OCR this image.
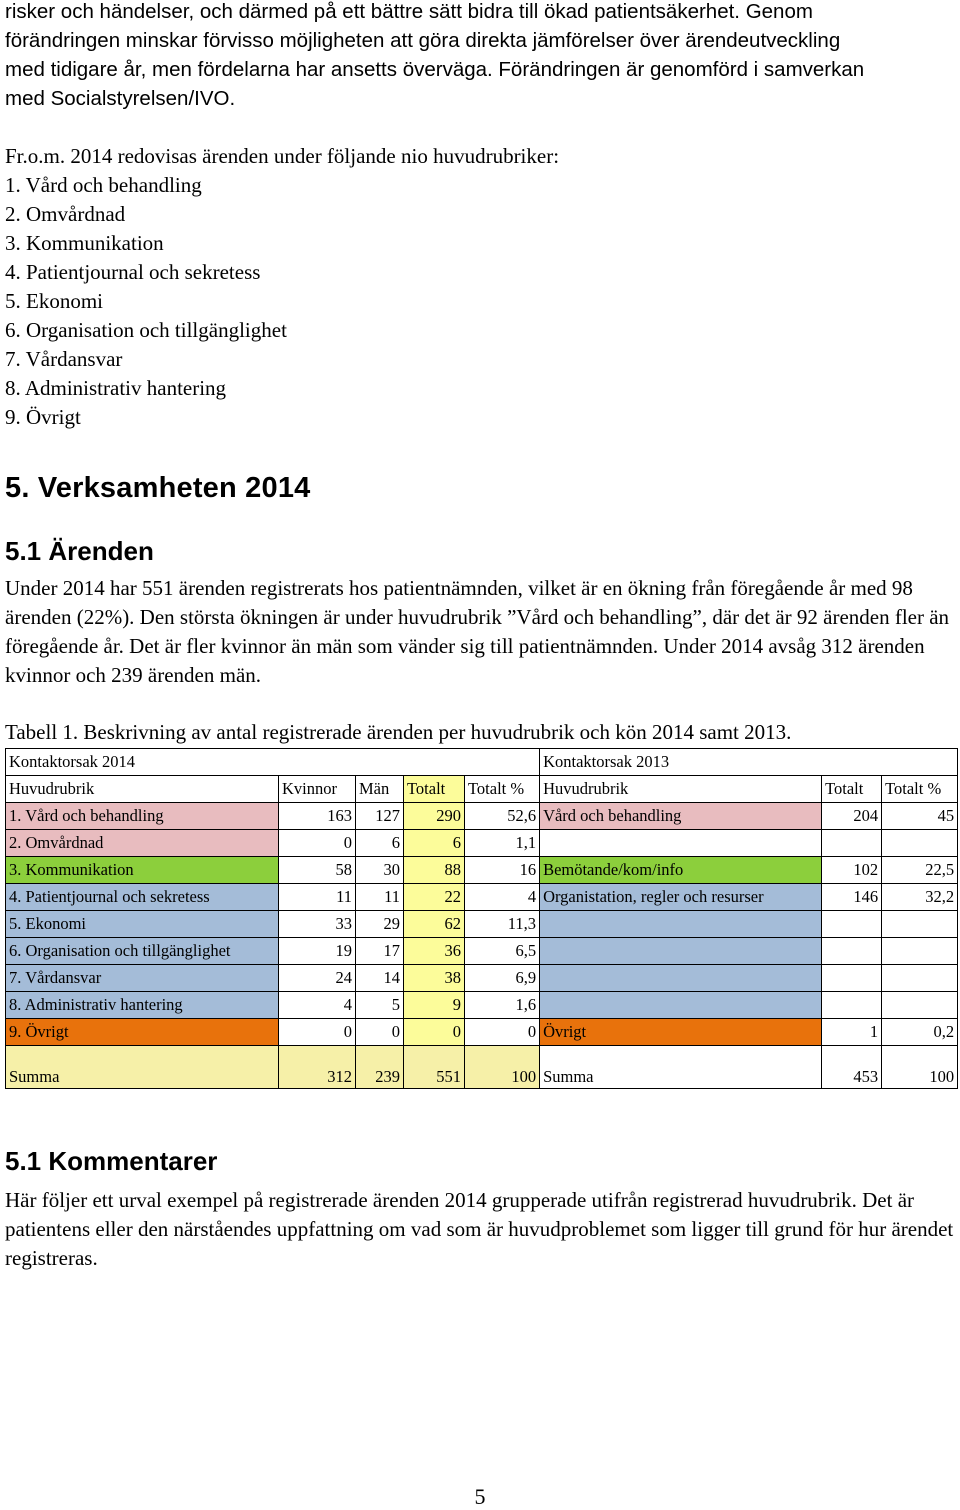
risker och händelser, och därmed på ett bättre sätt bidra till ökad patientsäkerhet. Genom
förändringen minskar förvisso möjligheten att göra direkta jämförelser över ärendeutveckling
med tidigare år, men fördelarna har ansetts överväga. Förändringen är genomförd i samverkan
med Socialstyrelsen/IVO.

Fr.o.m. 2014 redovisas ärenden under följande nio huvudrubriker:

1. Vård och behandling
2. Omvårdnad
3. Kommunikation
4. Patientjournal och sekretess
5. Ekonomi
6. Organisation och tillgänglighet
7. Vårdansvar
8. Administrativ hantering
9. Övrigt
5. Verksamheten 2014
5.1 Ärenden

Under 2014 har 551 ärenden registrerats hos patientnämnden, vilket är en ökning från föregående år med 98 ärenden (22%). Den största ökningen är under huvudrubrik ”Vård och behandling”, där det är 92 ärenden fler än föregående år. Det är fler kvinnor än män som vänder sig till patientnämnden. Under 2014 avsåg 312 ärenden kvinnor och 239 ärenden män.

Tabell 1. Beskrivning av antal registrerade ärenden per huvudrubrik och kön 2014 samt 2013.

Kontaktorsak 2014					Kontaktorsak 2013		
Huvudrubrik	Kvinnor	Män	Totalt	Totalt %	Huvudrubrik	Totalt	Totalt %
1. Vård och behandling	163	127	290	52,6	Vård och behandling	204	45
2. Omvårdnad	0	6	6	1,1			
3. Kommunikation	58	30	88	16	Bemötande/kom/info	102	22,5
4. Patientjournal och sekretess	11	11	22	4	Organistation, regler och resurser	146	32,2
5. Ekonomi	33	29	62	11,3			
6. Organisation och tillgänglighet	19	17	36	6,5			
7. Vårdansvar	24	14	38	6,9			
8. Administrativ hantering	4	5	9	1,6			
9. Övrigt	0	0	0	0	Övrigt	1	0,2
Summa	312	239	551	100	Summa	453	100
5.1 Kommentarer

Här följer ett urval exempel på registrerade ärenden 2014 grupperade utifrån registrerad huvudrubrik. Det är patientens eller den närståendes uppfattning om vad som är huvudproblemet som ligger till grund för hur ärendet registreras.

5
